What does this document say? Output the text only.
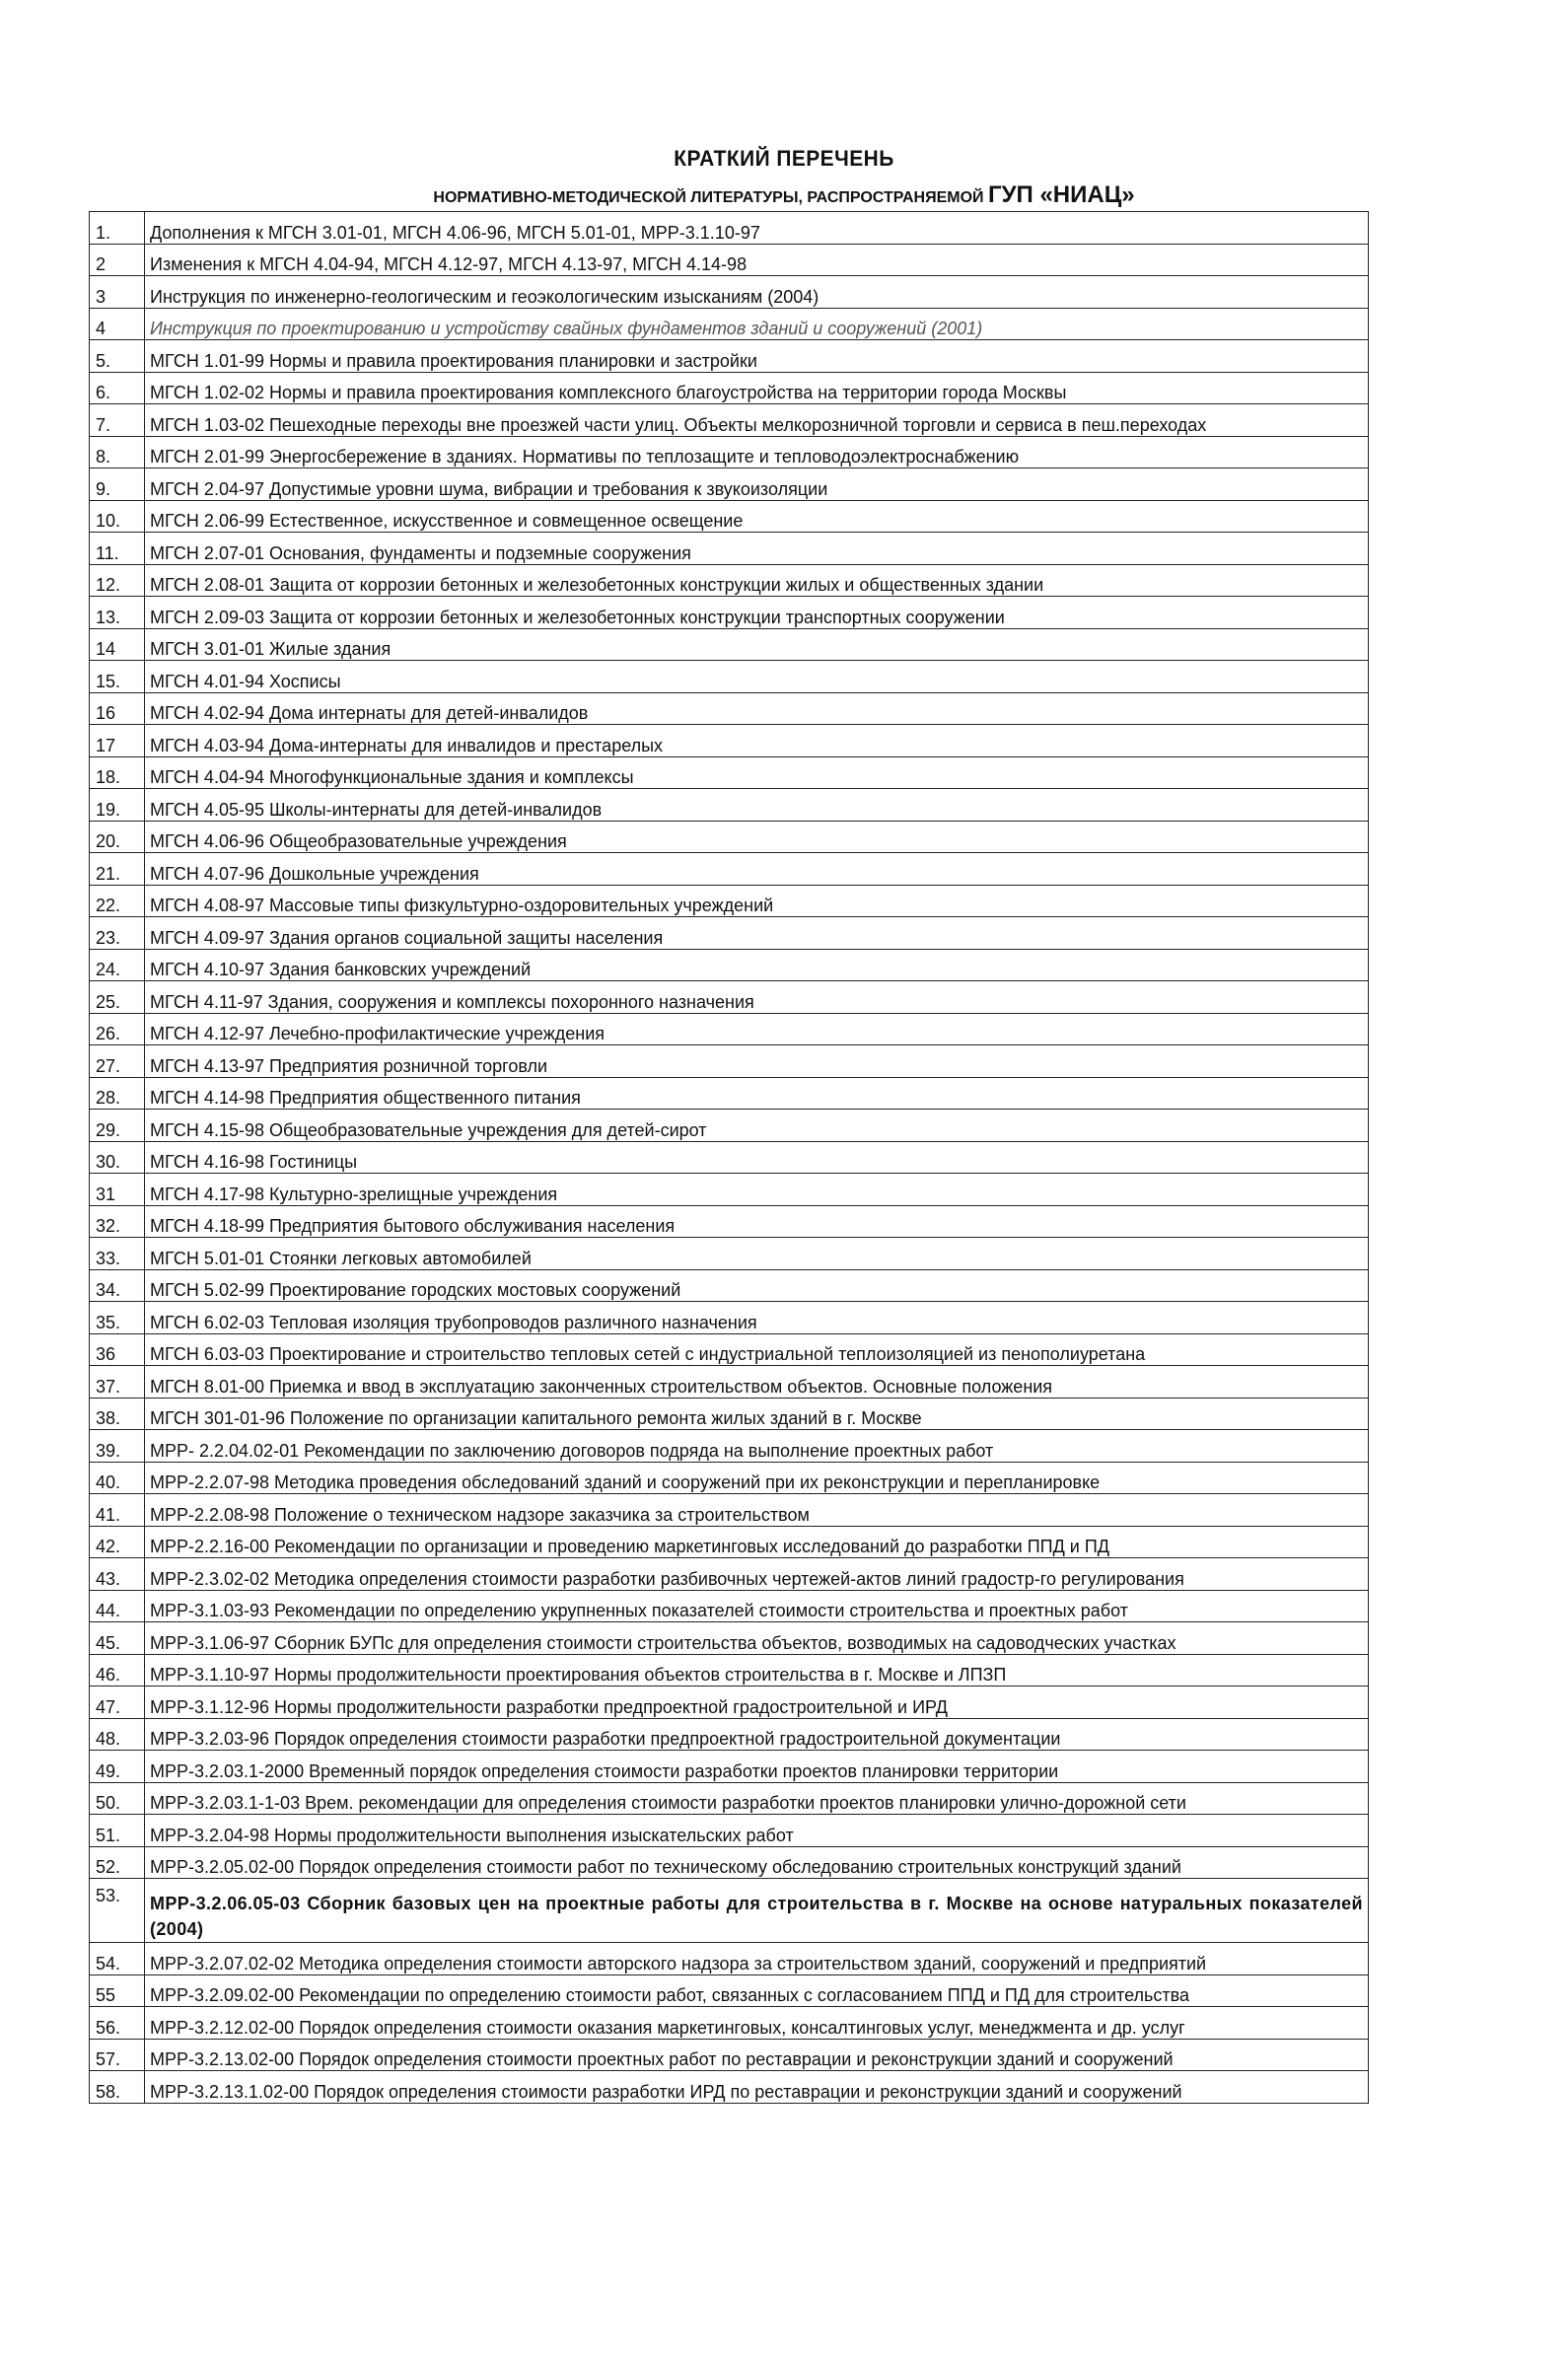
КРАТКИЙ ПЕРЕЧЕНЬ
НОРМАТИВНО-МЕТОДИЧЕСКОЙ ЛИТЕРАТУРЫ, РАСПРОСТРАНЯЕМОЙ ГУП «НИАЦ»
1.	Дополнения к МГСН 3.01-01, МГСН 4.06-96, МГСН 5.01-01, МРР-3.1.10-97
2	Изменения к МГСН 4.04-94, МГСН 4.12-97, МГСН 4.13-97, МГСН 4.14-98
3	Инструкция по инженерно-геологическим и геоэкологическим изысканиям (2004)
4	Инструкция по проектированию и устройству свайных фундаментов зданий и сооружений (2001)
5.	МГСН 1.01-99 Нормы и правила проектирования планировки и застройки
6.	МГСН 1.02-02 Нормы и правила проектирования комплексного благоустройства на территории города Москвы
7.	МГСН 1.03-02 Пешеходные переходы вне проезжей части улиц. Объекты мелкорозничной торговли и сервиса в пеш.переходах
8.	МГСН 2.01-99 Энергосбережение в зданиях. Нормативы по теплозащите и тепловодоэлектроснабжению
9.	МГСН 2.04-97 Допустимые уровни шума, вибрации и требования к звукоизоляции
10.	МГСН 2.06-99 Естественное, искусственное и совмещенное освещение
11.	МГСН 2.07-01 Основания, фундаменты и подземные сооружения
12.	МГСН 2.08-01 Защита от коррозии бетонных и железобетонных конструкции жилых и общественных здании
13.	МГСН 2.09-03 Защита от коррозии бетонных и железобетонных конструкции транспортных сооружении
14	МГСН 3.01-01 Жилые здания
15.	МГСН 4.01-94 Хосписы
16	МГСН 4.02-94 Дома интернаты для детей-инвалидов
17	МГСН 4.03-94 Дома-интернаты для инвалидов и престарелых
18.	МГСН 4.04-94 Многофункциональные здания и комплексы
19.	МГСН 4.05-95 Школы-интернаты для детей-инвалидов
20.	МГСН 4.06-96 Общеобразовательные учреждения
21.	МГСН 4.07-96 Дошкольные учреждения
22.	МГСН 4.08-97 Массовые типы физкультурно-оздоровительных учреждений
23.	МГСН 4.09-97 Здания органов социальной защиты населения
24.	МГСН 4.10-97 Здания банковских учреждений
25.	МГСН 4.11-97 Здания, сооружения и комплексы похоронного назначения
26.	МГСН 4.12-97 Лечебно-профилактические учреждения
27.	МГСН 4.13-97 Предприятия розничной торговли
28.	МГСН 4.14-98 Предприятия общественного питания
29.	МГСН 4.15-98 Общеобразовательные учреждения для детей-сирот
30.	МГСН 4.16-98 Гостиницы
31	МГСН 4.17-98 Культурно-зрелищные учреждения
32.	МГСН 4.18-99 Предприятия бытового обслуживания населения
33.	МГСН 5.01-01 Стоянки легковых автомобилей
34.	МГСН 5.02-99 Проектирование городских мостовых сооружений
35.	МГСН 6.02-03 Тепловая изоляция трубопроводов различного назначения
36	МГСН 6.03-03 Проектирование и строительство тепловых сетей с индустриальной теплоизоляцией из пенополиуретана
37.	МГСН 8.01-00 Приемка и ввод в эксплуатацию законченных строительством объектов. Основные положения
38.	МГСН 301-01-96 Положение по организации капитального ремонта жилых зданий в г. Москве
39.	МРР- 2.2.04.02-01 Рекомендации по заключению договоров подряда на выполнение проектных работ
40.	МРР-2.2.07-98 Методика проведения обследований зданий и сооружений при их реконструкции и перепланировке
41.	МРР-2.2.08-98 Положение о техническом надзоре заказчика за строительством
42.	МРР-2.2.16-00 Рекомендации по организации и проведению маркетинговых исследований до разработки ППД и ПД
43.	МРР-2.3.02-02 Методика определения стоимости разработки разбивочных чертежей-актов линий градостр-го регулирования
44.	МРР-3.1.03-93 Рекомендации по определению укрупненных показателей стоимости строительства и проектных работ
45.	МРР-3.1.06-97 Сборник БУПс для определения стоимости строительства объектов, возводимых на садоводческих участках
46.	МРР-3.1.10-97 Нормы продолжительности проектирования объектов строительства в г. Москве и ЛПЗП
47.	МРР-3.1.12-96 Нормы продолжительности разработки предпроектной градостроительной и ИРД
48.	МРР-3.2.03-96 Порядок определения стоимости разработки предпроектной градостроительной документации
49.	МРР-3.2.03.1-2000 Временный порядок определения стоимости разработки проектов планировки территории
50.	МРР-3.2.03.1-1-03 Врем. рекомендации для определения стоимости разработки проектов планировки улично-дорожной сети
51.	МРР-3.2.04-98 Нормы продолжительности выполнения изыскательских работ
52.	МРР-3.2.05.02-00 Порядок определения стоимости работ по техническому обследованию строительных конструкций зданий
53.	МРР-3.2.06.05-03 Сборник базовых цен на проектные работы для строительства в г. Москве на основе натуральных показателей (2004)
54.	МРР-3.2.07.02-02 Методика определения стоимости авторского надзора за строительством зданий, сооружений и предприятий
55	МРР-3.2.09.02-00 Рекомендации по определению стоимости работ, связанных с согласованием ППД и ПД для строительства
56.	МРР-3.2.12.02-00 Порядок определения стоимости оказания маркетинговых, консалтинговых услуг, менеджмента и др. услуг
57.	МРР-3.2.13.02-00 Порядок определения стоимости проектных работ по реставрации и реконструкции зданий и сооружений
58.	МРР-3.2.13.1.02-00 Порядок определения стоимости разработки ИРД по реставрации и реконструкции зданий и сооружений
